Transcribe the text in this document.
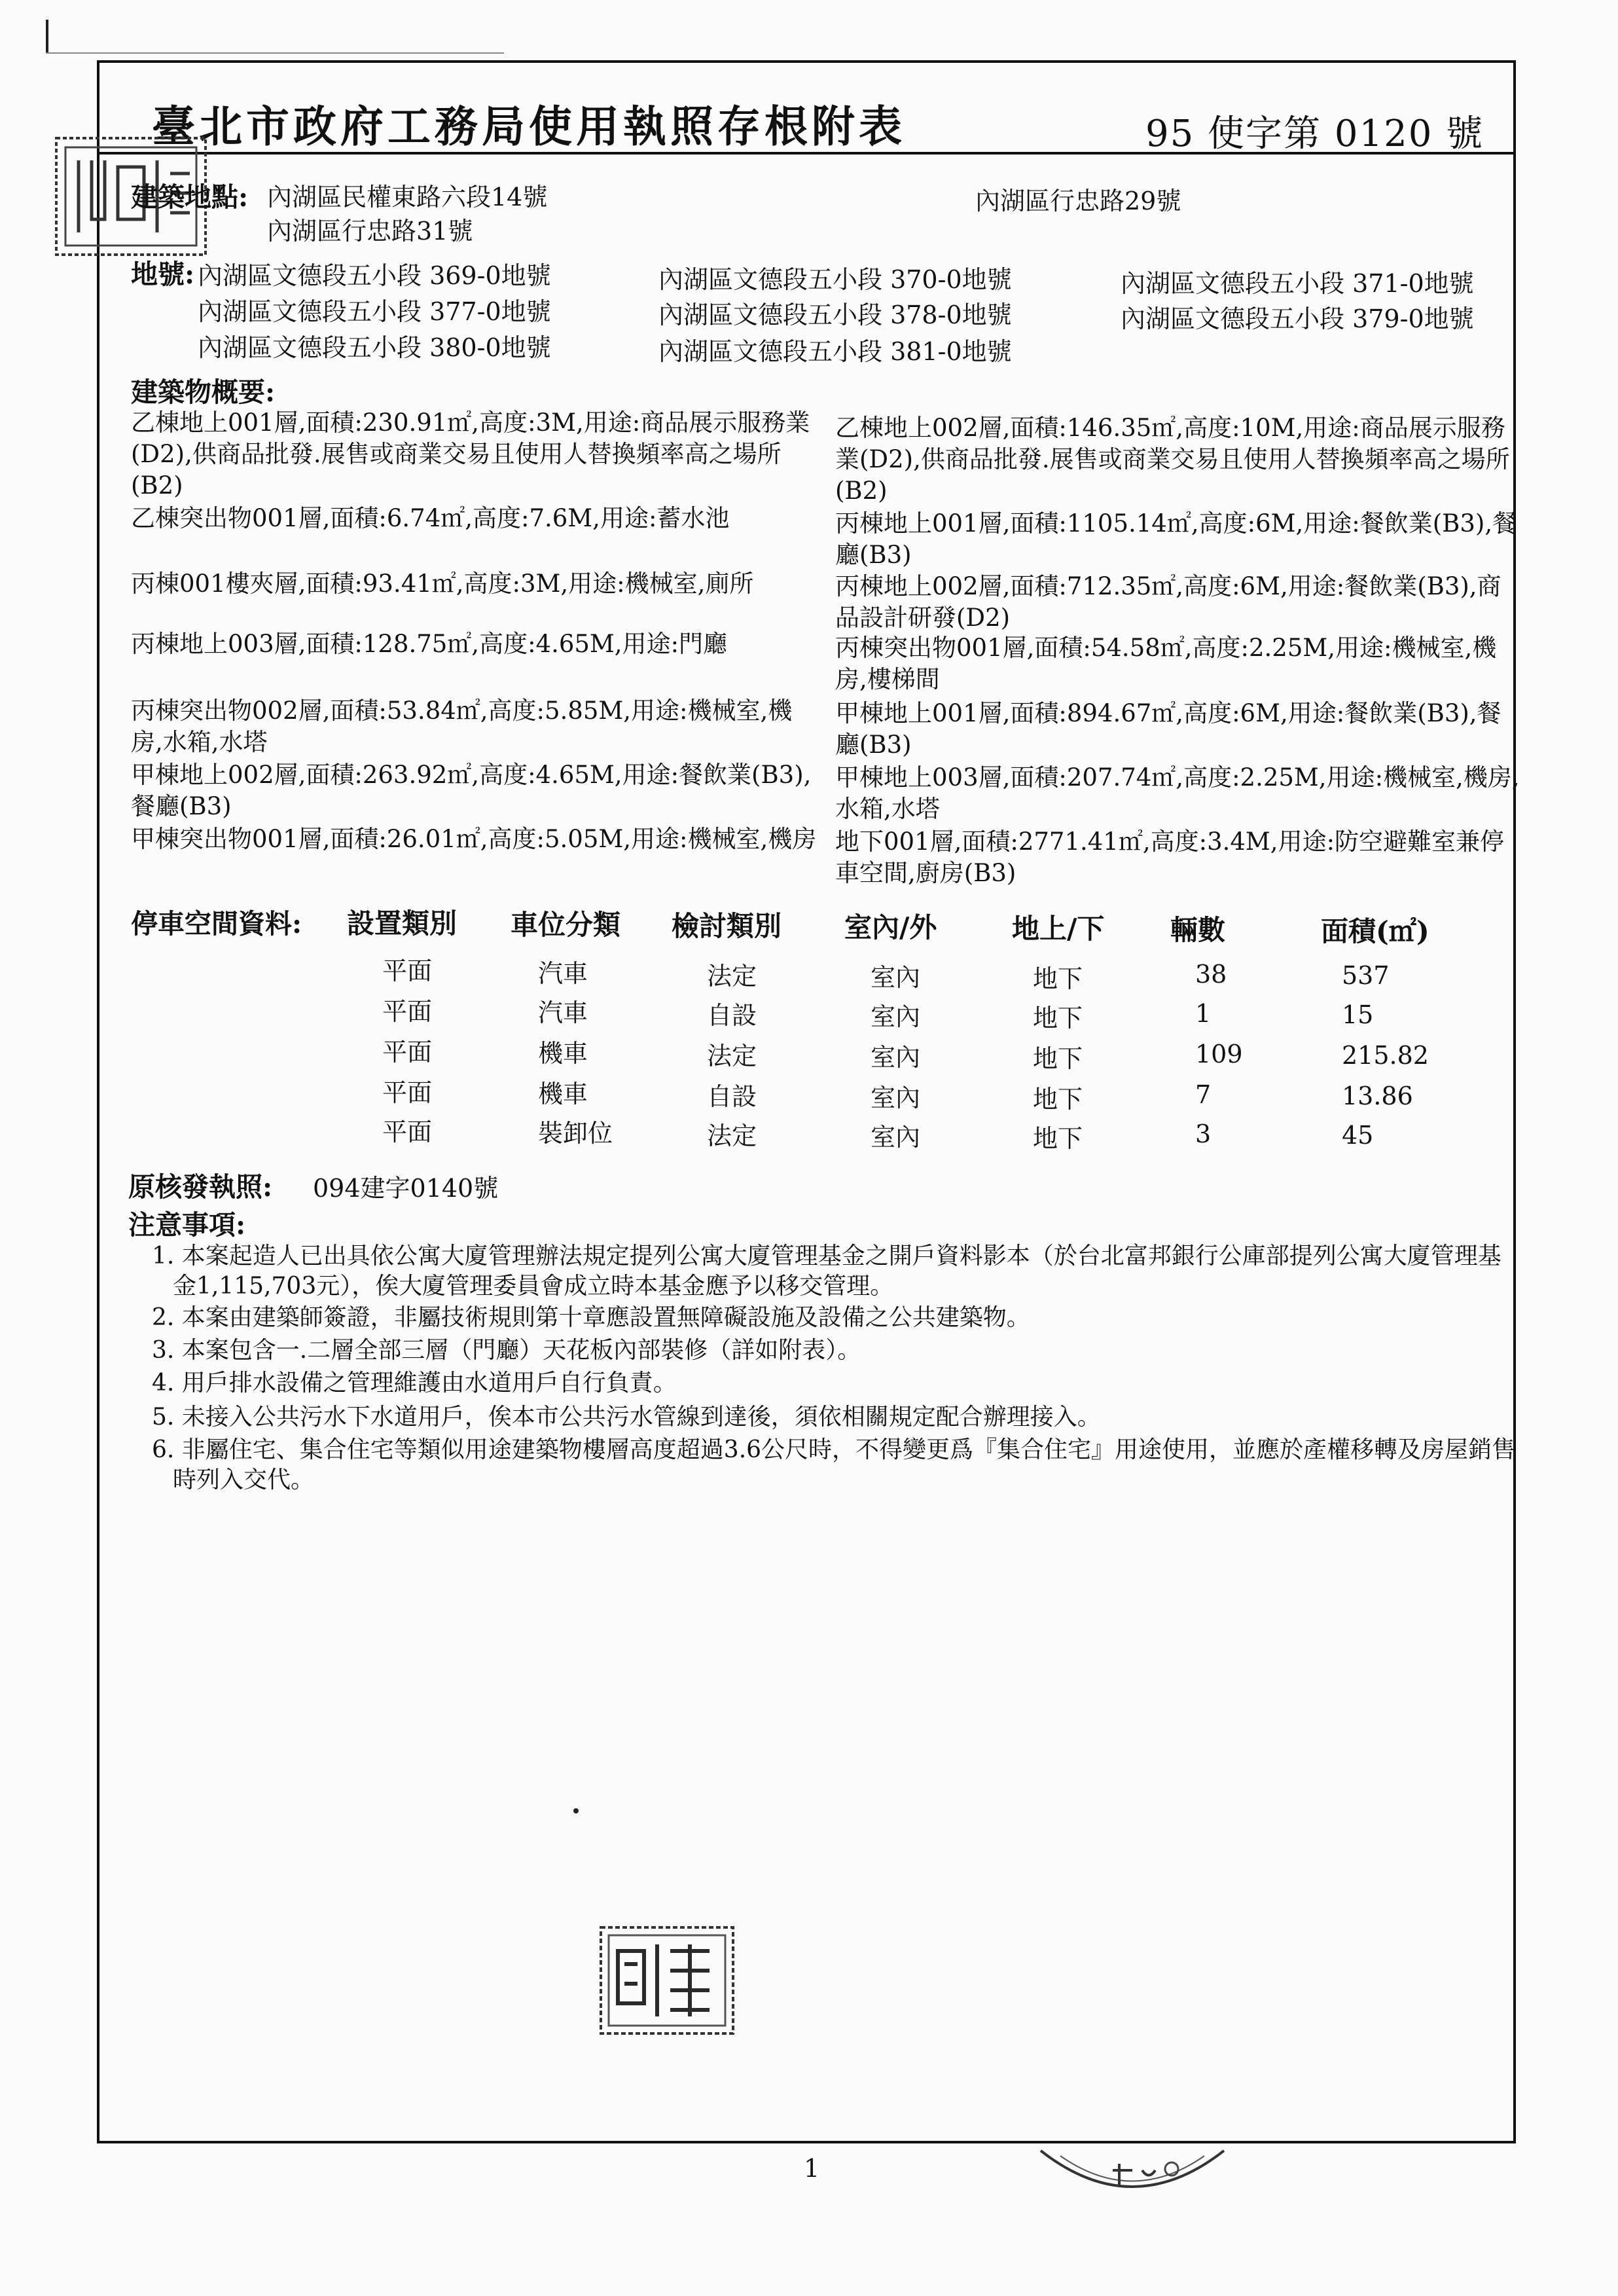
臺北市政府工務局使用執照存根附表	95 使字第 0120 號
建築地點: 內湖區民權東路六段14號
內湖區行忠路31號
內湖區行忠路29號
地號: 內湖區文德段五小段 369-0地號	內湖區文德段五小段 370-0地號	內湖區文德段五小段 371-0地號
內湖區文德段五小段 377-0地號	內湖區文德段五小段 378-0地號	內湖區文德段五小段 379-0地號
內湖區文德段五小段 380-0地號	內湖區文德段五小段 381-0地號
建築物概要:
乙棟地上001層,面積:230.91㎡,高度:3M,用途:商品展示服務業(D2),供商品批發.展售或商業交易且使用人替換頻率高之場所(B2)
乙棟突出物001層,面積:6.74㎡,高度:7.6M,用途:蓄水池
丙棟001樓夾層,面積:93.41㎡,高度:3M,用途:機械室,廁所
丙棟地上003層,面積:128.75㎡,高度:4.65M,用途:門廳
丙棟突出物002層,面積:53.84㎡,高度:5.85M,用途:機械室,機房,水箱,水塔
甲棟地上002層,面積:263.92㎡,高度:4.65M,用途:餐飲業(B3),餐廳(B3)
甲棟突出物001層,面積:26.01㎡,高度:5.05M,用途:機械室,機房
乙棟地上002層,面積:146.35㎡,高度:10M,用途:商品展示服務業(D2),供商品批發.展售或商業交易且使用人替換頻率高之場所(B2)
丙棟地上001層,面積:1105.14㎡,高度:6M,用途:餐飲業(B3),餐廳(B3)
丙棟地上002層,面積:712.35㎡,高度:6M,用途:餐飲業(B3),商品設計研發(D2)
丙棟突出物001層,面積:54.58㎡,高度:2.25M,用途:機械室,機房,樓梯間
甲棟地上001層,面積:894.67㎡,高度:6M,用途:餐飲業(B3),餐廳(B3)
甲棟地上003層,面積:207.74㎡,高度:2.25M,用途:機械室,機房,水箱,水塔
地下001層,面積:2771.41㎡,高度:3.4M,用途:防空避難室兼停車空間,廚房(B3)
停車空間資料: 設置類別 車位分類 檢討類別 室內/外	地上/下 輛數	面積(㎡)
平面	汽車	法定	室內	地下	38	537
平面	汽車	自設	室內	地下	1	15
平面	機車	法定	室內	地下	109	215.82
平面	機車	自設	室內	地下	7	13.86
平面	裝卸位	法定	室內	地下	3	45
原核發執照: 094建字0140號
注意事項:
1. 本案起造人已出具依公寓大廈管理辦法規定提列公寓大廈管理基金之開戶資料影本（於台北富邦銀行公庫部提列公寓大廈管理基金1,115,703元），俟大廈管理委員會成立時本基金應予以移交管理。
2. 本案由建築師簽證，非屬技術規則第十章應設置無障礙設施及設備之公共建築物。
3. 本案包含一.二層全部三層（門廳）天花板內部裝修（詳如附表）。
4. 用戶排水設備之管理維護由水道用戶自行負責。
5. 未接入公共污水下水道用戶，俟本市公共污水管線到達後，須依相關規定配合辦理接入。
6. 非屬住宅、集合住宅等類似用途建築物樓層高度超過3.6公尺時，不得變更爲『集合住宅』用途使用，並應於產權移轉及房屋銷售時列入交代。
1
